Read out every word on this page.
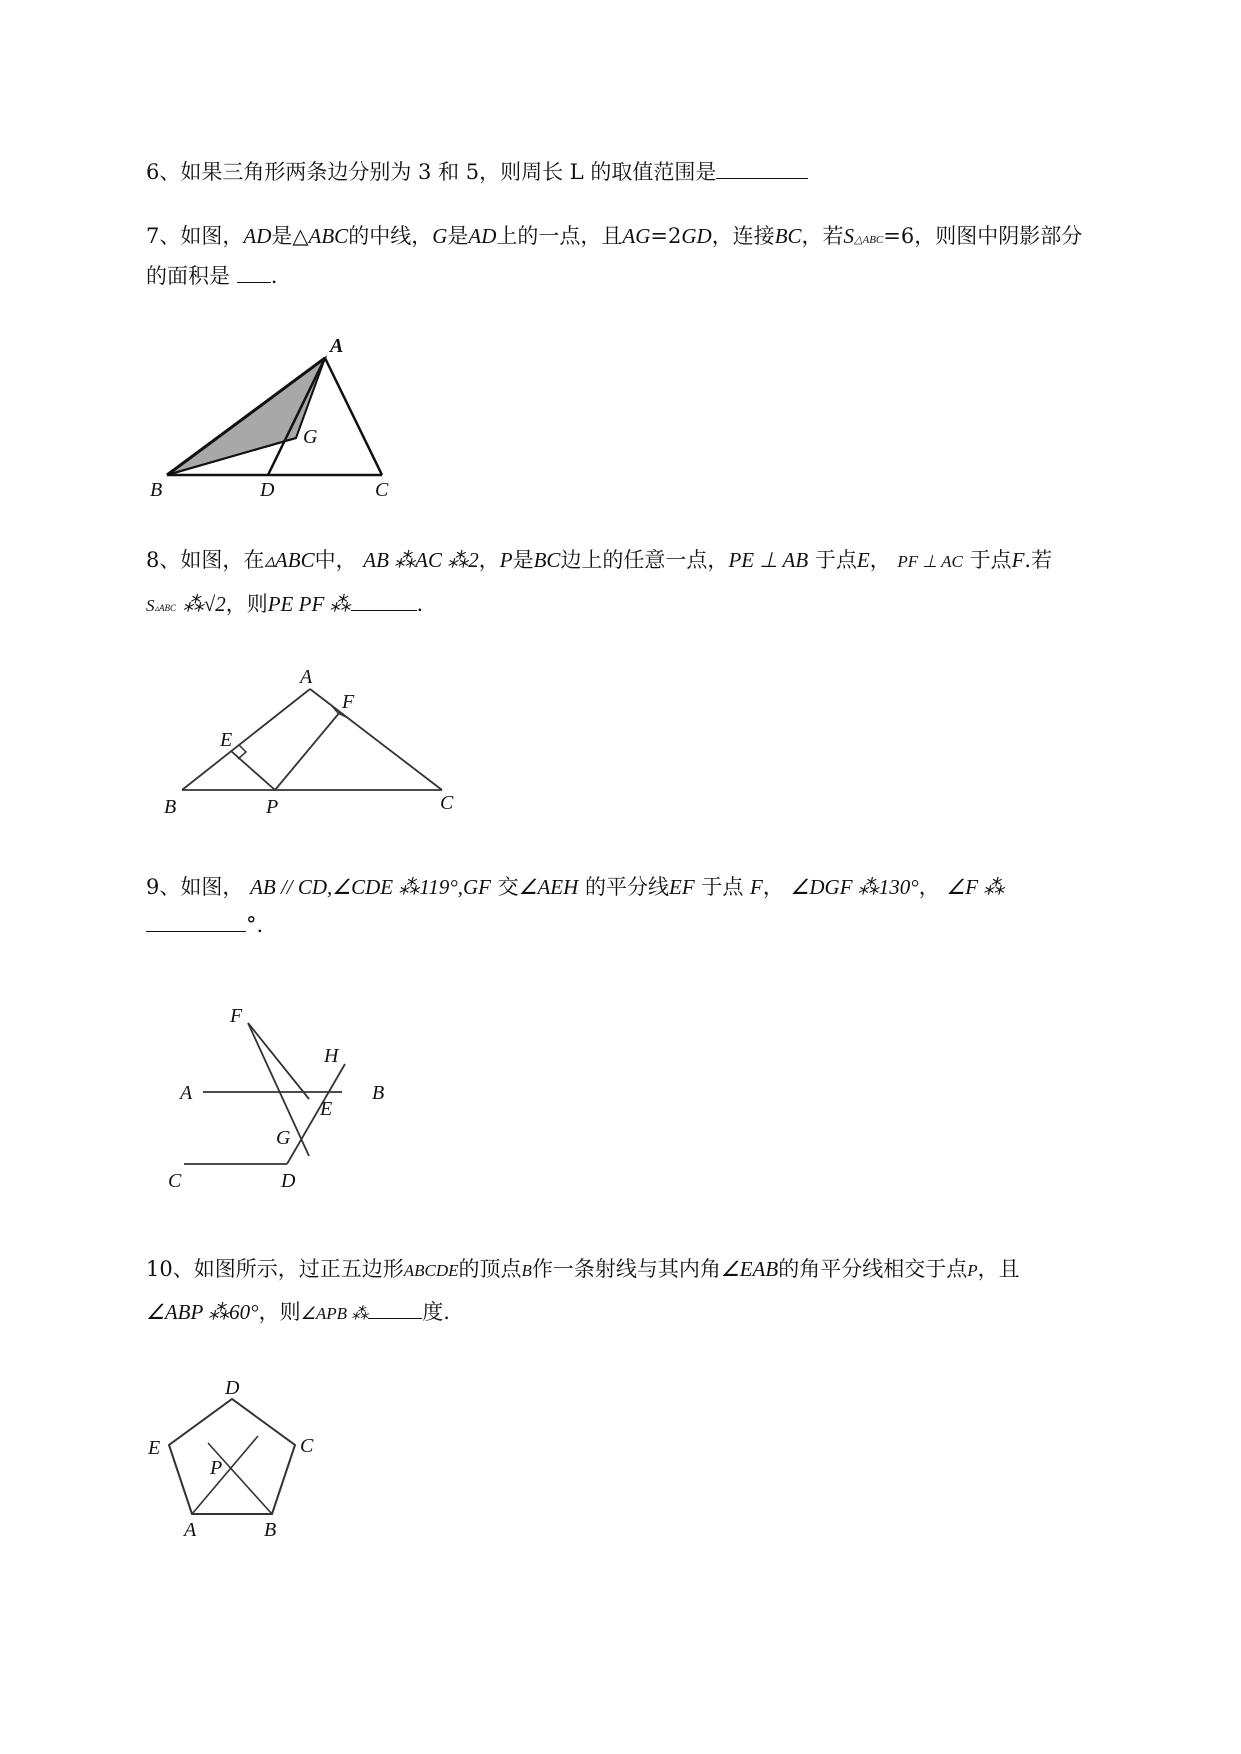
6、如果三角形两条边分别为 3 和 5，则周长 L 的取值范围是
7、如图，AD是△ABC的中线，G是AD上的一点，且AG=2GD，连接BC，若S△ABC=6，则图中阴影部分
的面积是 .
A
B	C
D
G
8、如图，在▵ABC中， AB ⁂AC ⁂2，P是BC边上的任意一点，PE ⊥ AB 于点E， PF ⊥ AC 于点F.若
S▵ABC ⁂√2，则PE PF ⁂	.
A
B	C
E
F
P
9、如图， AB // CD,∠CDE ⁂119°,GF 交∠AEH 的平分线EF 于点 F， ∠DGF ⁂130°， ∠F ⁂
°.
F
H
A	B
E
G
C	D
10、如图所示，过正五边形ABCDE的顶点B作一条射线与其内角∠EAB的角平分线相交于点P，且
∠ABP ⁂60°，则∠APB ⁂	度.
D
E	C
A	B
P
